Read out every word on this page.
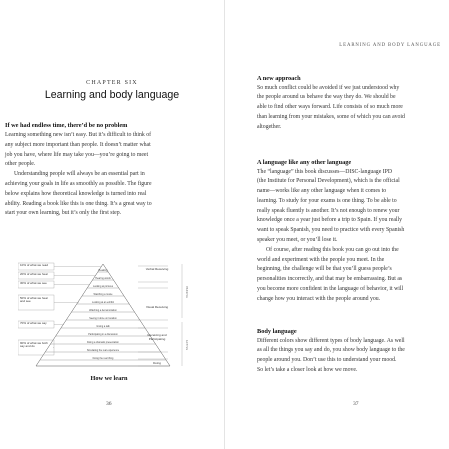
CHAPTER SIX
Learning and body language
If we had endless time, there’d be no problem

Learning something new isn’t easy. But it’s difficult to think of

any subject more important than people. It doesn’t matter what

job you have, where life may take you—you’re going to meet

other people.

Understanding people will always be an essential part in

achieving your goals in life as smoothly as possible. The figure

below explains how theoretical knowledge is turned into real

ability. Reading a book like this is one thing. It’s a great way to

start your own learning, but it’s only the first step.

10% of what we read
20% of what we hear
30% of what we see
50% of what we hear and see
70% of what we say
90% of what we both say and do
Reading
Hearing words
Looking at pictures
Watching a movie
Looking at an exhibit
Watching a demonstration
Seeing it done on location
Giving a talk
Participating in a discussion
Doing a dramatic presentation
Simulating the real experience
Doing the real thing
Verbal Receiving
Visual Receiving
Receiving and Participating
Doing
PASSIVE
ACTIVE
How we learn
36
LEARNING AND BODY LANGUAGE
A new approach

So much conflict could be avoided if we just understood why

the people around us behave the way they do. We should be

able to find other ways forward. Life consists of so much more

than learning from your mistakes, some of which you can avoid

altogether.

A language like any other language

The “language” this book discusses—DISC-language IPD

(the Institute for Personal Development), which is the official

name—works like any other language when it comes to

learning. To study for your exams is one thing. To be able to

really speak fluently is another. It’s not enough to renew your

knowledge once a year just before a trip to Spain. If you really

want to speak Spanish, you need to practice with every Spanish

speaker you meet, or you’ll lose it.

Of course, after reading this book you can go out into the

world and experiment with the people you meet. In the

beginning, the challenge will be that you’ll guess people’s

personalities incorrectly, and that may be embarrassing. But as

you become more confident in the language of behavior, it will

change how you interact with the people around you.

Body language

Different colors show different types of body language. As well

as all the things you say and do, you show body language to the

people around you. Don’t use this to understand your mood.

So let’s take a closer look at how we move.

37
